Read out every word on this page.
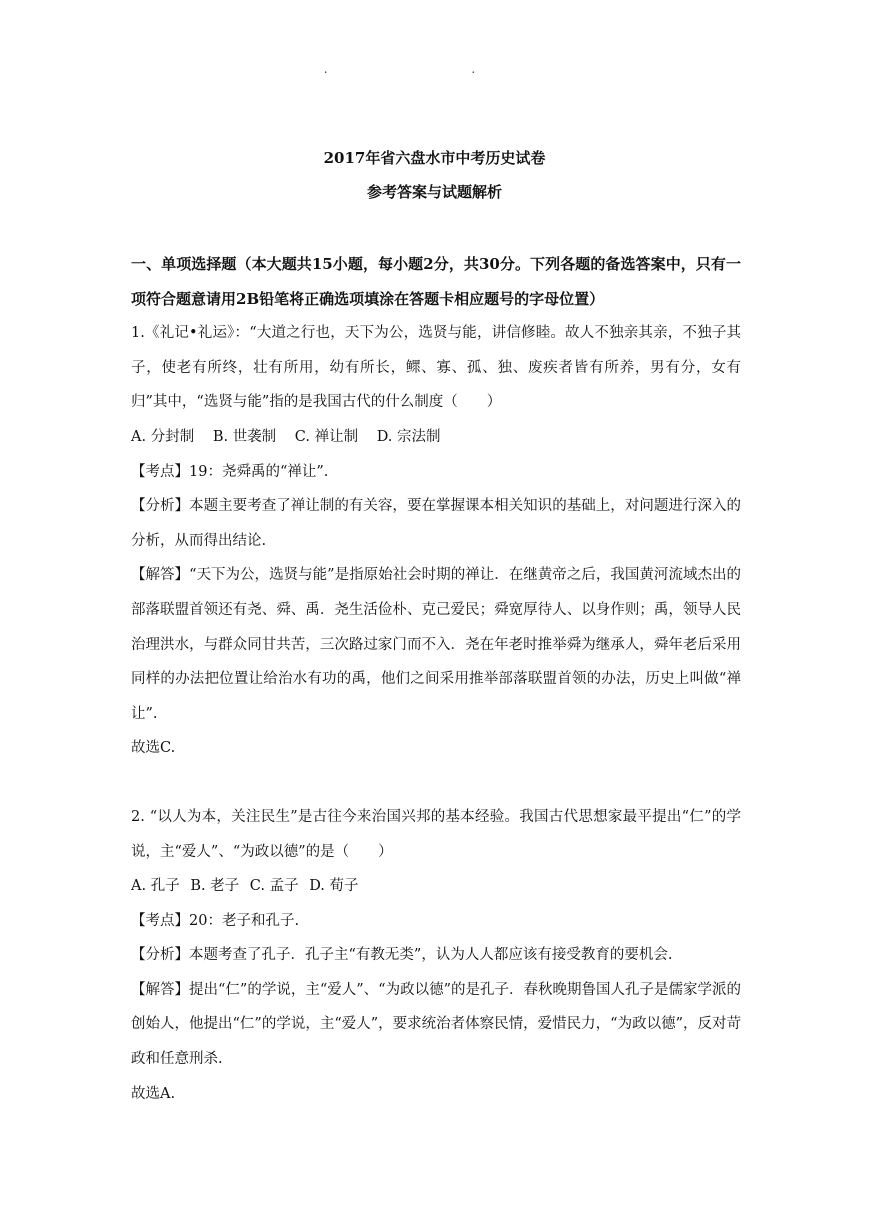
. .
2017年省六盘水市中考历史试卷
参考答案与试题解析

一、单项选择题（本大题共15小题，每小题2分，共30分。下列各题的备选答案中，只有一项符合题意请用2B铅笔将正确选项填涂在答题卡相应题号的字母位置）

1.《礼记•礼运》：“大道之行也，天下为公，选贤与能，讲信修睦。故人不独亲其亲，不独子其子，使老有所终，壮有所用，幼有所长，鳏、寡、孤、独、废疾者皆有所养，男有分，女有归”其中，“选贤与能”指的是我国古代的什么制度（　　）

A. 分封制 B. 世袭制 C. 禅让制 D. 宗法制

【考点】19：尧舜禹的“禅让”.

【分析】本题主要考查了禅让制的有关容，要在掌握课本相关知识的基础上，对问题进行深入的分析，从而得出结论.

【解答】“天下为公，选贤与能”是指原始社会时期的禅让．在继黄帝之后，我国黄河流域杰出的部落联盟首领还有尧、舜、禹．尧生活俭朴、克己爱民；舜宽厚待人、以身作则；禹，领导人民治理洪水，与群众同甘共苦，三次路过家门而不入．尧在年老时推举舜为继承人，舜年老后采用同样的办法把位置让给治水有功的禹，他们之间采用推举部落联盟首领的办法，历史上叫做“禅让”.

故选C.

2. “以人为本，关注民生”是古往今来治国兴邦的基本经验。我国古代思想家最平提出“仁”的学说，主“爱人”、“为政以德”的是（　　）

A. 孔子 B. 老子 C. 孟子 D. 荀子

【考点】20：老子和孔子.

【分析】本题考查了孔子．孔子主“有教无类”，认为人人都应该有接受教育的要机会.

【解答】提出“仁”的学说，主“爱人”、“为政以德”的是孔子．春秋晚期鲁国人孔子是儒家学派的创始人，他提出“仁”的学说，主“爱人”，要求统治者体察民情，爱惜民力，“为政以德”，反对苛政和任意刑杀.

故选A.
